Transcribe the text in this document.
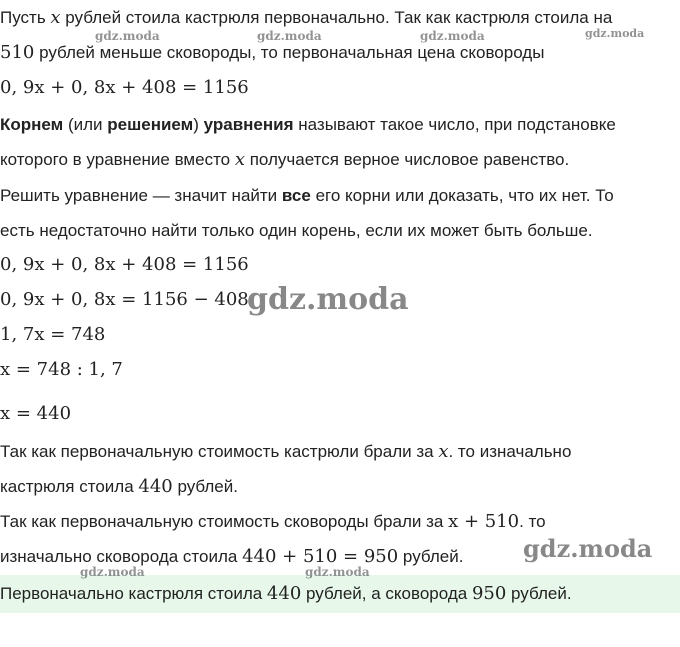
Пусть x рублей стоила кастрюля первоначально. Так как кастрюля стоила на
510 рублей меньше сковороды, то первоначальная цена сковороды
0, 9x + 0, 8x + 408 = 1156
Корнем (или решением) уравнения называют такое число, при подстановке
которого в уравнение вместо x получается верное числовое равенство.
Решить уравнение — значит найти все его корни или доказать, что их нет. То
есть недостаточно найти только один корень, если их может быть больше.
0, 9x + 0, 8x + 408 = 1156
0, 9x + 0, 8x = 1156 − 408
1, 7x = 748
x = 748 : 1, 7
x = 440
Так как первоначальную стоимость кастрюли брали за x. то изначально
кастрюля стоила 440 рублей.
Так как первоначальную стоимость сковороды брали за x + 510. то
изначально сковорода стоила 440 + 510 = 950 рублей.
Первоначально кастрюля стоила 440 рублей, а сковорода 950 рублей.
gdz.moda	gdz.moda	gdz.moda	gdz.moda
gdz.moda
gdz.moda
gdz.moda	gdz.moda
